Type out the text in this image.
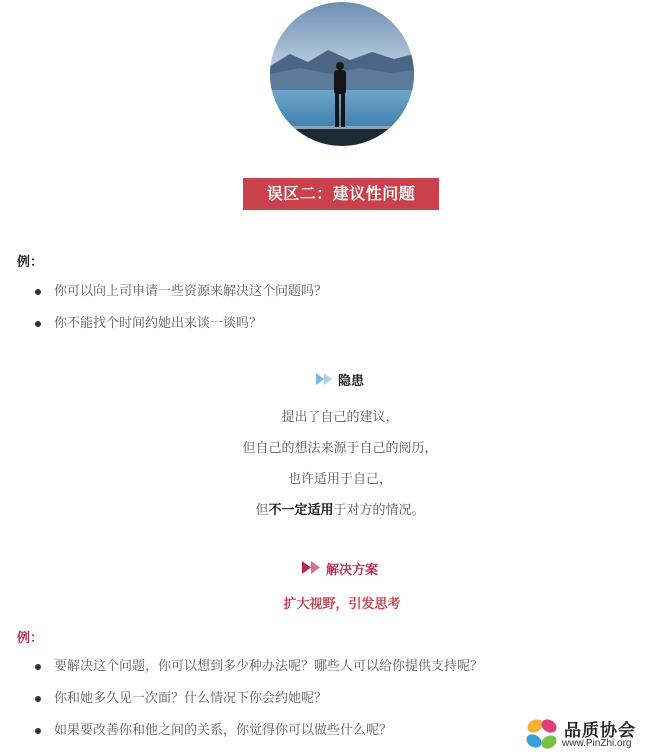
误区二：建议性问题
例：
你可以向上司申请一些资源来解决这个问题吗？
你不能找个时间约她出来谈一谈吗？
隐患
提出了自己的建议，
但自己的想法来源于自己的阅历，
也许适用于自己，
但不一定适用于对方的情况。
解决方案
扩大视野，引发思考
例：
要解决这个问题，你可以想到多少种办法呢？哪些人可以给你提供支持呢？
你和她多久见一次面？什么情况下你会约她呢？
如果要改善你和他之间的关系，你觉得你可以做些什么呢？	品质协会
www.PinZhi.org
